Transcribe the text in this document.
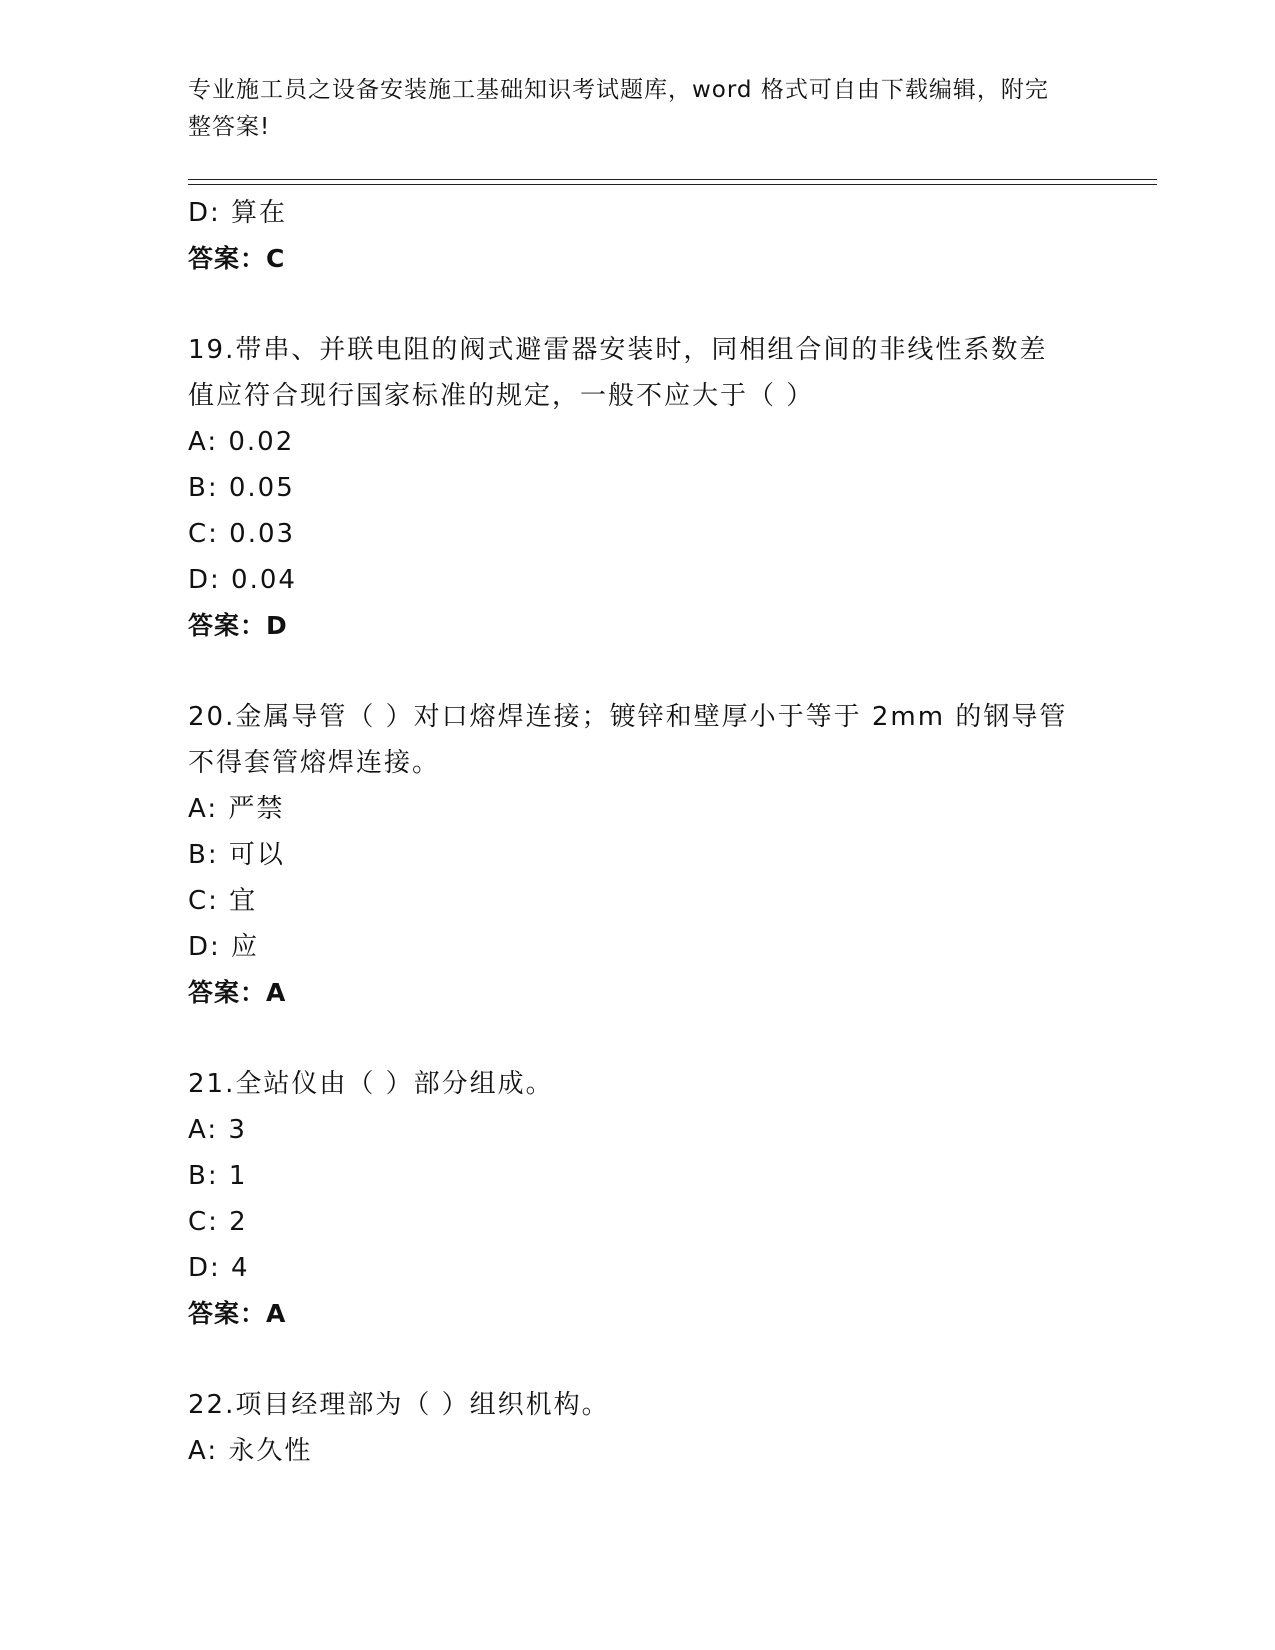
专业施工员之设备安装施工基础知识考试题库，word 格式可自由下载编辑，附完
整答案!
D: 算在
答案：C
19.带串、并联电阻的阀式避雷器安装时，同相组合间的非线性系数差
值应符合现行国家标准的规定，一般不应大于（ ）
A: 0.02
B: 0.05
C: 0.03
D: 0.04
答案：D
20.金属导管（ ）对口熔焊连接；镀锌和壁厚小于等于 2mm 的钢导管
不得套管熔焊连接。
A: 严禁
B: 可以
C: 宜
D: 应
答案：A
21.全站仪由（ ）部分组成。
A: 3
B: 1
C: 2
D: 4
答案：A
22.项目经理部为（ ）组织机构。
A: 永久性
